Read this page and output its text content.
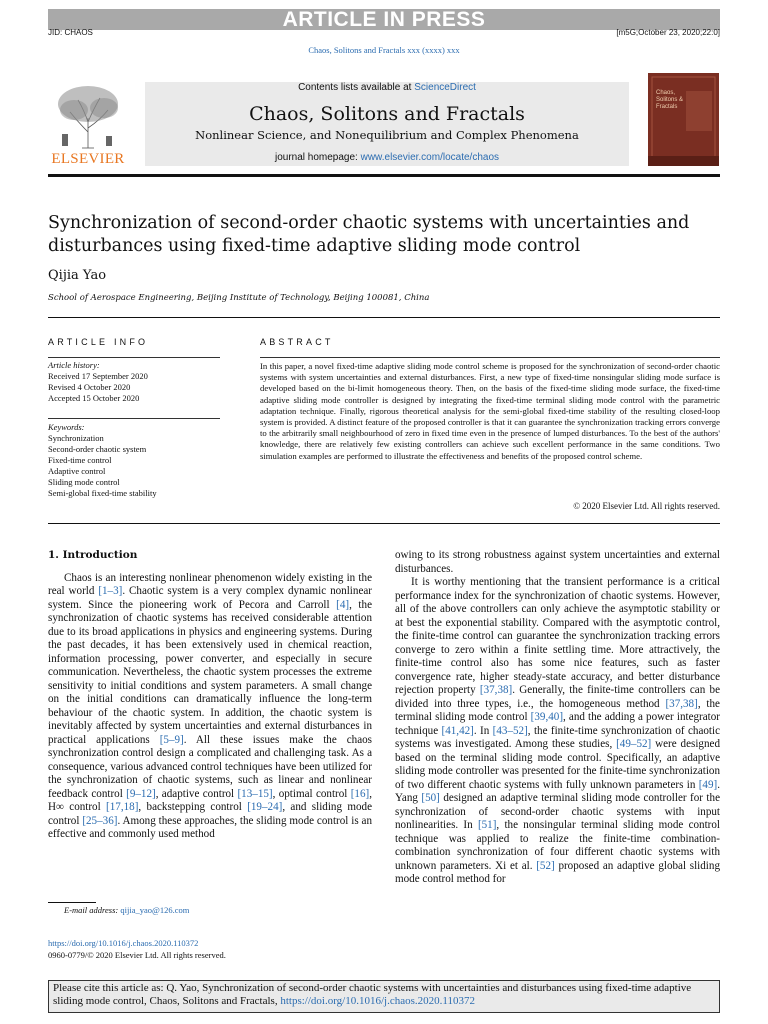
ARTICLE IN PRESS
JID: CHAOS	[m5G;October 23, 2020;22:0]
Chaos, Solitons and Fractals xxx (xxxx) xxx
ELSEVIER
Contents lists available at ScienceDirect
Chaos, Solitons and Fractals
Nonlinear Science, and Nonequilibrium and Complex Phenomena
journal homepage: www.elsevier.com/locate/chaos
Chaos, Solitons & Fractals
Synchronization of second-order chaotic systems with uncertainties and disturbances using fixed-time adaptive sliding mode control
Qijia Yao
School of Aerospace Engineering, Beijing Institute of Technology, Beijing 100081, China
ARTICLE INFO	ABSTRACT
Article history:
Received 17 September 2020
Revised 4 October 2020
Accepted 15 October 2020
Keywords:
Synchronization
Second-order chaotic system
Fixed-time control
Adaptive control
Sliding mode control
Semi-global fixed-time stability
In this paper, a novel fixed-time adaptive sliding mode control scheme is proposed for the synchronization of second-order chaotic systems with system uncertainties and external disturbances. First, a new type of fixed-time nonsingular sliding mode surface is developed based on the bi-limit homogeneous theory. Then, on the basis of the fixed-time sliding mode surface, the fixed-time adaptive sliding mode controller is designed by integrating the fixed-time terminal sliding mode control with the parametric adaptation technique. Finally, rigorous theoretical analysis for the semi-global fixed-time stability of the resulting closed-loop system is provided. A distinct feature of the proposed controller is that it can guarantee the synchronization tracking errors converge to the arbitrarily small neighbourhood of zero in fixed time even in the presence of lumped disturbances. To the best of the authors' knowledge, there are relatively few existing controllers can achieve such excellent performance in the same conditions. Two simulation examples are performed to illustrate the effectiveness and benefits of the proposed control scheme.
© 2020 Elsevier Ltd. All rights reserved.
1. Introduction

Chaos is an interesting nonlinear phenomenon widely existing in the real world [1–3]. Chaotic system is a very complex dynamic nonlinear system. Since the pioneering work of Pecora and Carroll [4], the synchronization of chaotic systems has received considerable attention due to its broad applications in physics and engineering systems. During the past decades, it has been extensively used in chemical reaction, information processing, power converter, and especially in secure communication. Nevertheless, the chaotic system processes the extreme sensitivity to initial conditions and system parameters. A small change on the initial conditions can dramatically influence the long-term behaviour of the chaotic system. In addition, the chaotic system is inevitably affected by system uncertainties and external disturbances in practical applications [5–9]. All these issues make the chaos synchronization control design a complicated and challenging task. As a consequence, various advanced control techniques have been utilized for the synchronization of chaotic systems, such as linear and nonlinear feedback control [9–12], adaptive control [13–15], optimal control [16], H∞ control [17,18], backstepping control [19–24], and sliding mode control [25–36]. Among these approaches, the sliding mode control is an effective and commonly used method

owing to its strong robustness against system uncertainties and external disturbances.

It is worthy mentioning that the transient performance is a critical performance index for the synchronization of chaotic systems. However, all of the above controllers can only achieve the asymptotic stability or at best the exponential stability. Compared with the asymptotic control, the finite-time control can guarantee the synchronization tracking errors converge to zero within a finite settling time. More attractively, the finite-time control also has some nice features, such as faster convergence rate, higher steady-state accuracy, and better disturbance rejection property [37,38]. Generally, the finite-time controllers can be divided into three types, i.e., the homogeneous method [37,38], the terminal sliding mode control [39,40], and the adding a power integrator technique [41,42]. In [43–52], the finite-time synchronization of chaotic systems was investigated. Among these studies, [49–52] were designed based on the terminal sliding mode control. Specifically, an adaptive sliding mode controller was presented for the finite-time synchronization of two different chaotic systems with fully unknown parameters in [49]. Yang [50] designed an adaptive terminal sliding mode controller for the synchronization of second-order chaotic systems with input nonlinearities. In [51], the nonsingular terminal sliding mode control technique was applied to realize the finite-time combination-combination synchronization of four different chaotic systems with unknown parameters. Xi et al. [52] proposed an adaptive global sliding mode control method for

E-mail address: qijia_yao@126.com
https://doi.org/10.1016/j.chaos.2020.110372
0960-0779/© 2020 Elsevier Ltd. All rights reserved.
Please cite this article as: Q. Yao, Synchronization of second-order chaotic systems with uncertainties and disturbances using fixed-time adaptive sliding mode control, Chaos, Solitons and Fractals, https://doi.org/10.1016/j.chaos.2020.110372
